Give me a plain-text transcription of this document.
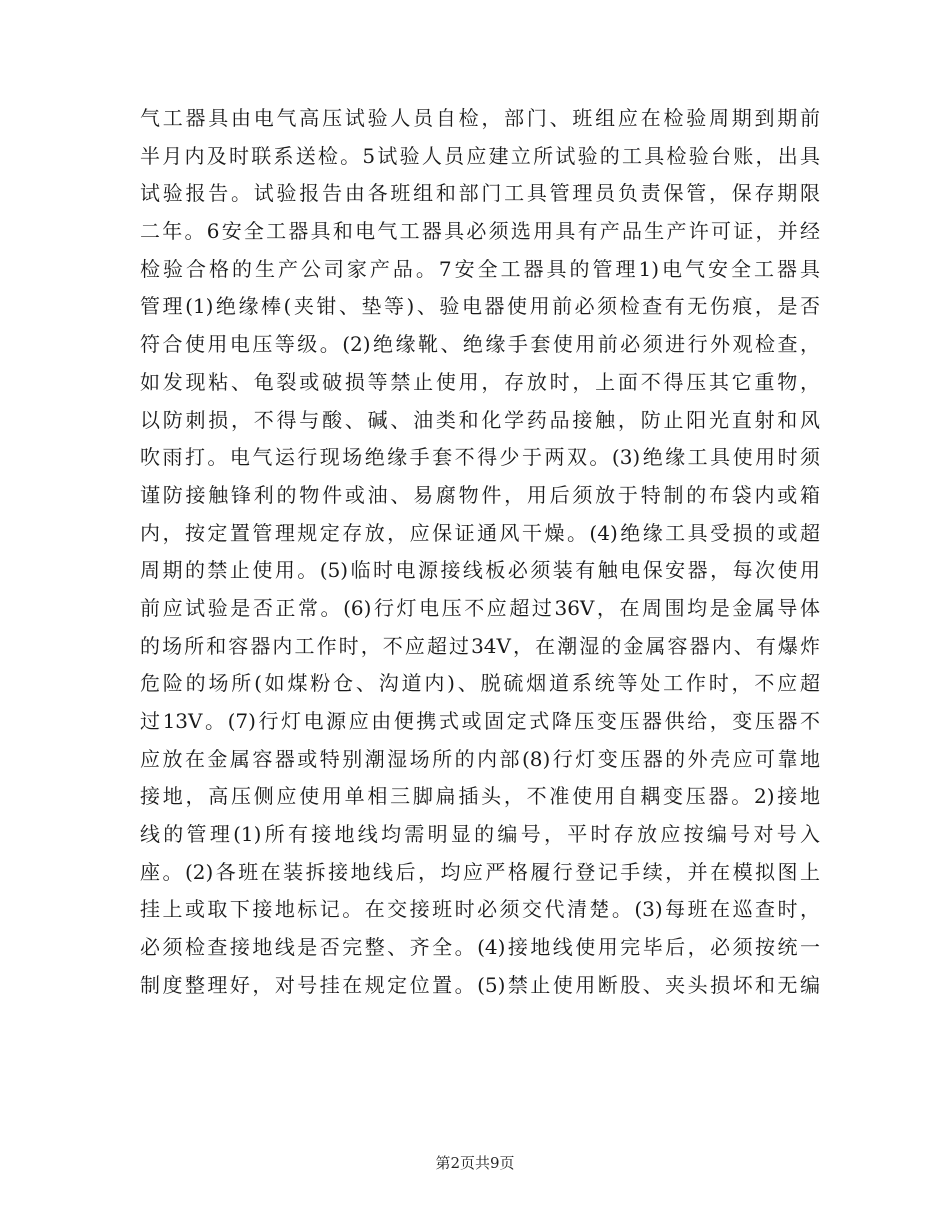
气工器具由电气高压试验人员自检，部门、班组应在检验周期到期前
半月内及时联系送检。5试验人员应建立所试验的工具检验台账，出具
试验报告。试验报告由各班组和部门工具管理员负责保管，保存期限
二年。6安全工器具和电气工器具必须选用具有产品生产许可证，并经
检验合格的生产公司家产品。7安全工器具的管理1)电气安全工器具
管理(1)绝缘棒(夹钳、垫等)、验电器使用前必须检查有无伤痕，是否
符合使用电压等级。(2)绝缘靴、绝缘手套使用前必须进行外观检查，
如发现粘、龟裂或破损等禁止使用，存放时，上面不得压其它重物，
以防刺损，不得与酸、碱、油类和化学药品接触，防止阳光直射和风
吹雨打。电气运行现场绝缘手套不得少于两双。(3)绝缘工具使用时须
谨防接触锋利的物件或油、易腐物件，用后须放于特制的布袋内或箱
内，按定置管理规定存放，应保证通风干燥。(4)绝缘工具受损的或超
周期的禁止使用。(5)临时电源接线板必须装有触电保安器，每次使用
前应试验是否正常。(6)行灯电压不应超过36V，在周围均是金属导体
的场所和容器内工作时，不应超过34V，在潮湿的金属容器内、有爆炸
危险的场所(如煤粉仓、沟道内)、脱硫烟道系统等处工作时，不应超
过13V。(7)行灯电源应由便携式或固定式降压变压器供给，变压器不
应放在金属容器或特别潮湿场所的内部(8)行灯变压器的外壳应可靠地
接地，高压侧应使用单相三脚扁插头，不准使用自耦变压器。2)接地
线的管理(1)所有接地线均需明显的编号，平时存放应按编号对号入
座。(2)各班在装拆接地线后，均应严格履行登记手续，并在模拟图上
挂上或取下接地标记。在交接班时必须交代清楚。(3)每班在巡查时，
必须检查接地线是否完整、齐全。(4)接地线使用完毕后，必须按统一
制度整理好，对号挂在规定位置。(5)禁止使用断股、夹头损坏和无编
第2页共9页
